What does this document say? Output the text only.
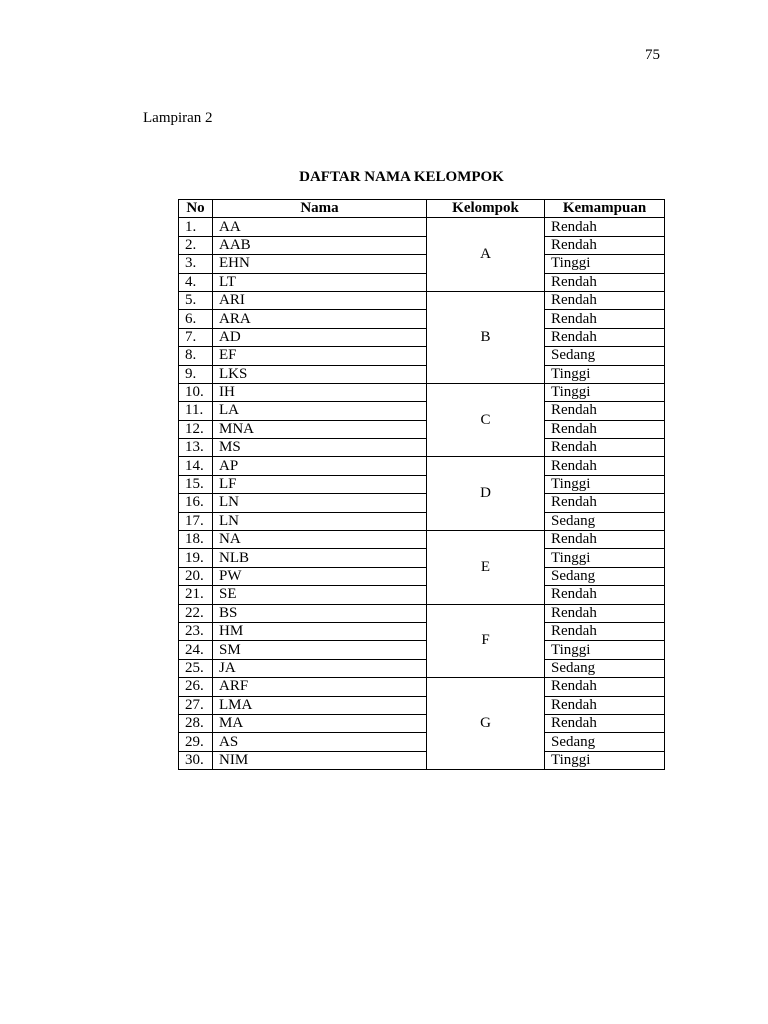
75
Lampiran 2
DAFTAR NAMA KELOMPOK
No	Nama	Kelompok	Kemampuan
1.	AA	A	Rendah
2.	AAB		Rendah
3.	EHN		Tinggi
4.	LT		Rendah
5.	ARI	B	Rendah
6.	ARA		Rendah
7.	AD		Rendah
8.	EF		Sedang
9.	LKS		Tinggi
10.	IH	C	Tinggi
11.	LA		Rendah
12.	MNA		Rendah
13.	MS		Rendah
14.	AP	D	Rendah
15.	LF		Tinggi
16.	LN		Rendah
17.	LN		Sedang
18.	NA	E	Rendah
19.	NLB		Tinggi
20.	PW		Sedang
21.	SE		Rendah
22.	BS	F	Rendah
23.	HM		Rendah
24.	SM		Tinggi
25.	JA		Sedang
26.	ARF	G	Rendah
27.	LMA		Rendah
28.	MA		Rendah
29.	AS		Sedang
30.	NIM		Tinggi
